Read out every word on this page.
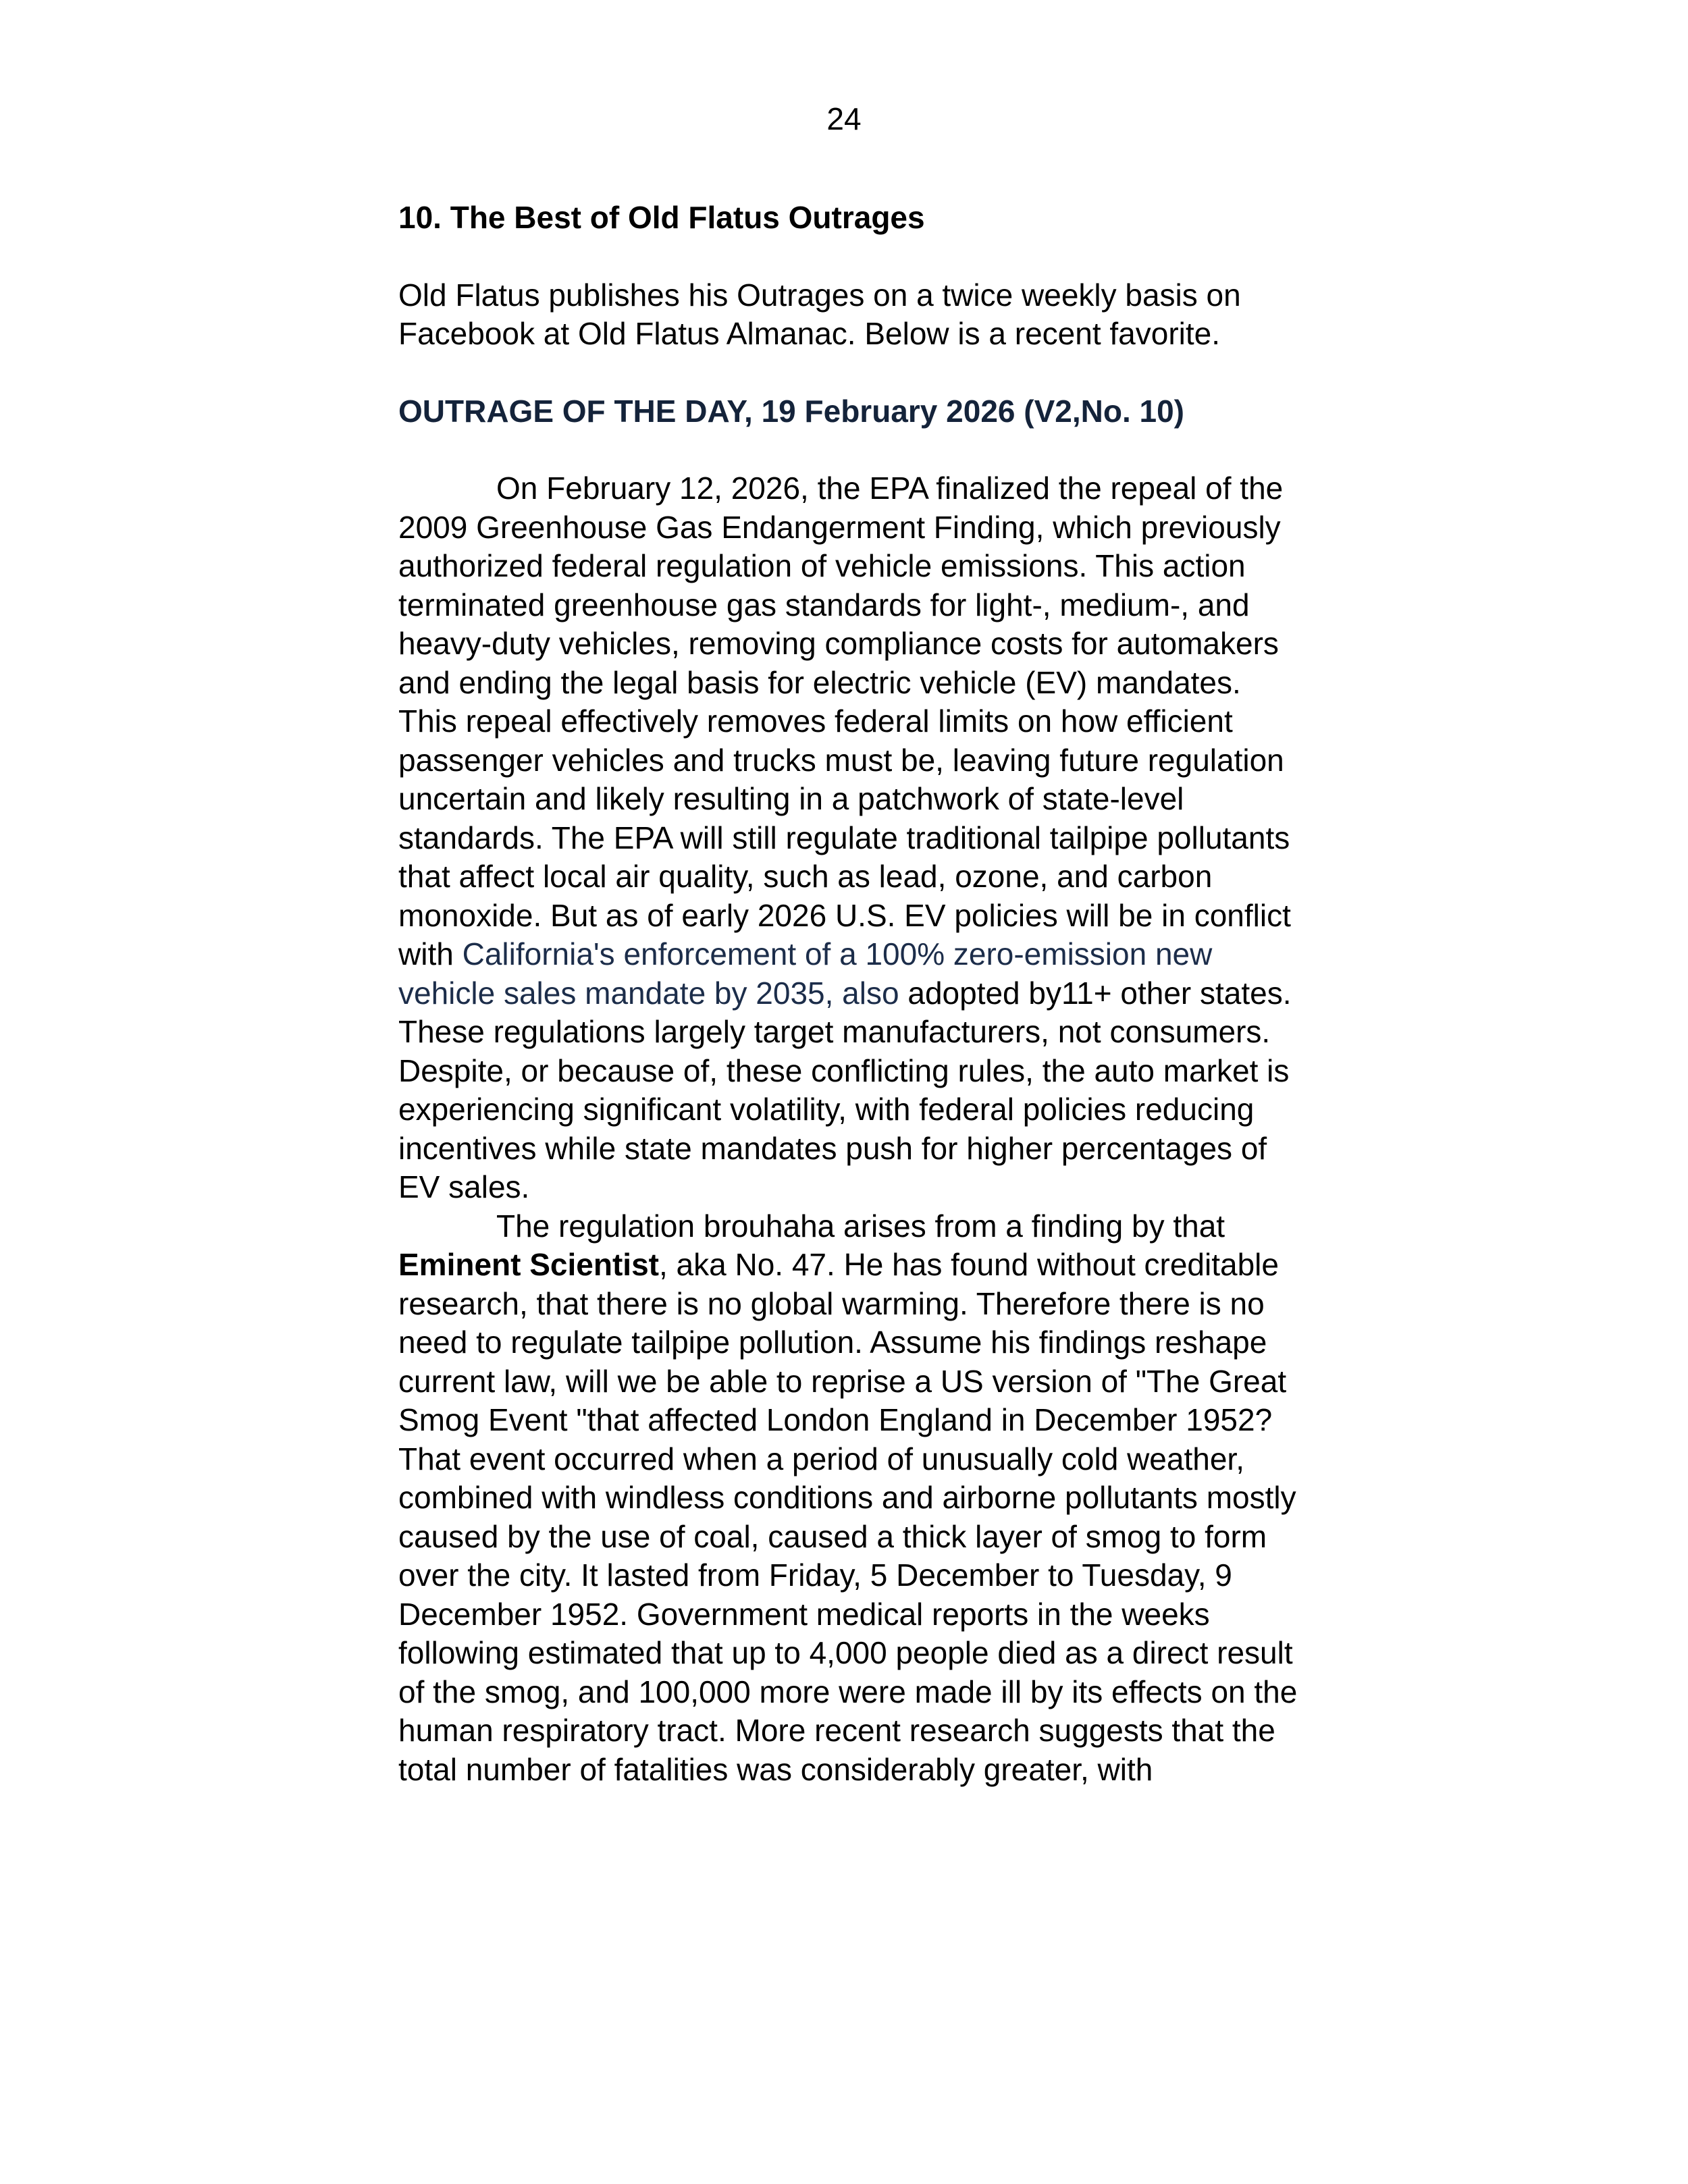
24

10. The Best of Old Flatus Outrages

Old Flatus publishes his Outrages on a twice weekly basis on Facebook at Old Flatus Almanac. Below is a recent favorite.

OUTRAGE OF THE DAY, 19 February 2026 (V2,No. 10)

On February 12, 2026, the EPA finalized the repeal of the 2009 Greenhouse Gas Endangerment Finding, which previously authorized federal regulation of vehicle emissions. This action terminated greenhouse gas standards for light-, medium-, and heavy-duty vehicles, removing compliance costs for automakers and ending the legal basis for electric vehicle (EV) mandates. This repeal effectively removes federal limits on how efficient passenger vehicles and trucks must be, leaving future regulation uncertain and likely resulting in a patchwork of state-level standards. The EPA will still regulate traditional tailpipe pollutants that affect local air quality, such as lead, ozone, and carbon monoxide. But as of early 2026 U.S. EV policies will be in conflict with California's enforcement of a 100% zero-emission new vehicle sales mandate by 2035, also adopted by11+ other states. These regulations largely target manufacturers, not consumers. Despite, or because of, these conflicting rules, the auto market is experiencing significant volatility, with federal policies reducing incentives while state mandates push for higher percentages of EV sales.

The regulation brouhaha arises from a finding by that Eminent Scientist, aka No. 47. He has found without creditable research, that there is no global warming. Therefore there is no need to regulate tailpipe pollution. Assume his findings reshape current law, will we be able to reprise a US version of "The Great Smog Event "that affected London England in December 1952? That event occurred when a period of unusually cold weather, combined with windless conditions and airborne pollutants mostly caused by the use of coal, caused a thick layer of smog to form over the city. It lasted from Friday, 5 December to Tuesday, 9 December 1952. Government medical reports in the weeks following estimated that up to 4,000 people died as a direct result of the smog, and 100,000 more were made ill by its effects on the human respiratory tract. More recent research suggests that the total number of fatalities was considerably greater, with
